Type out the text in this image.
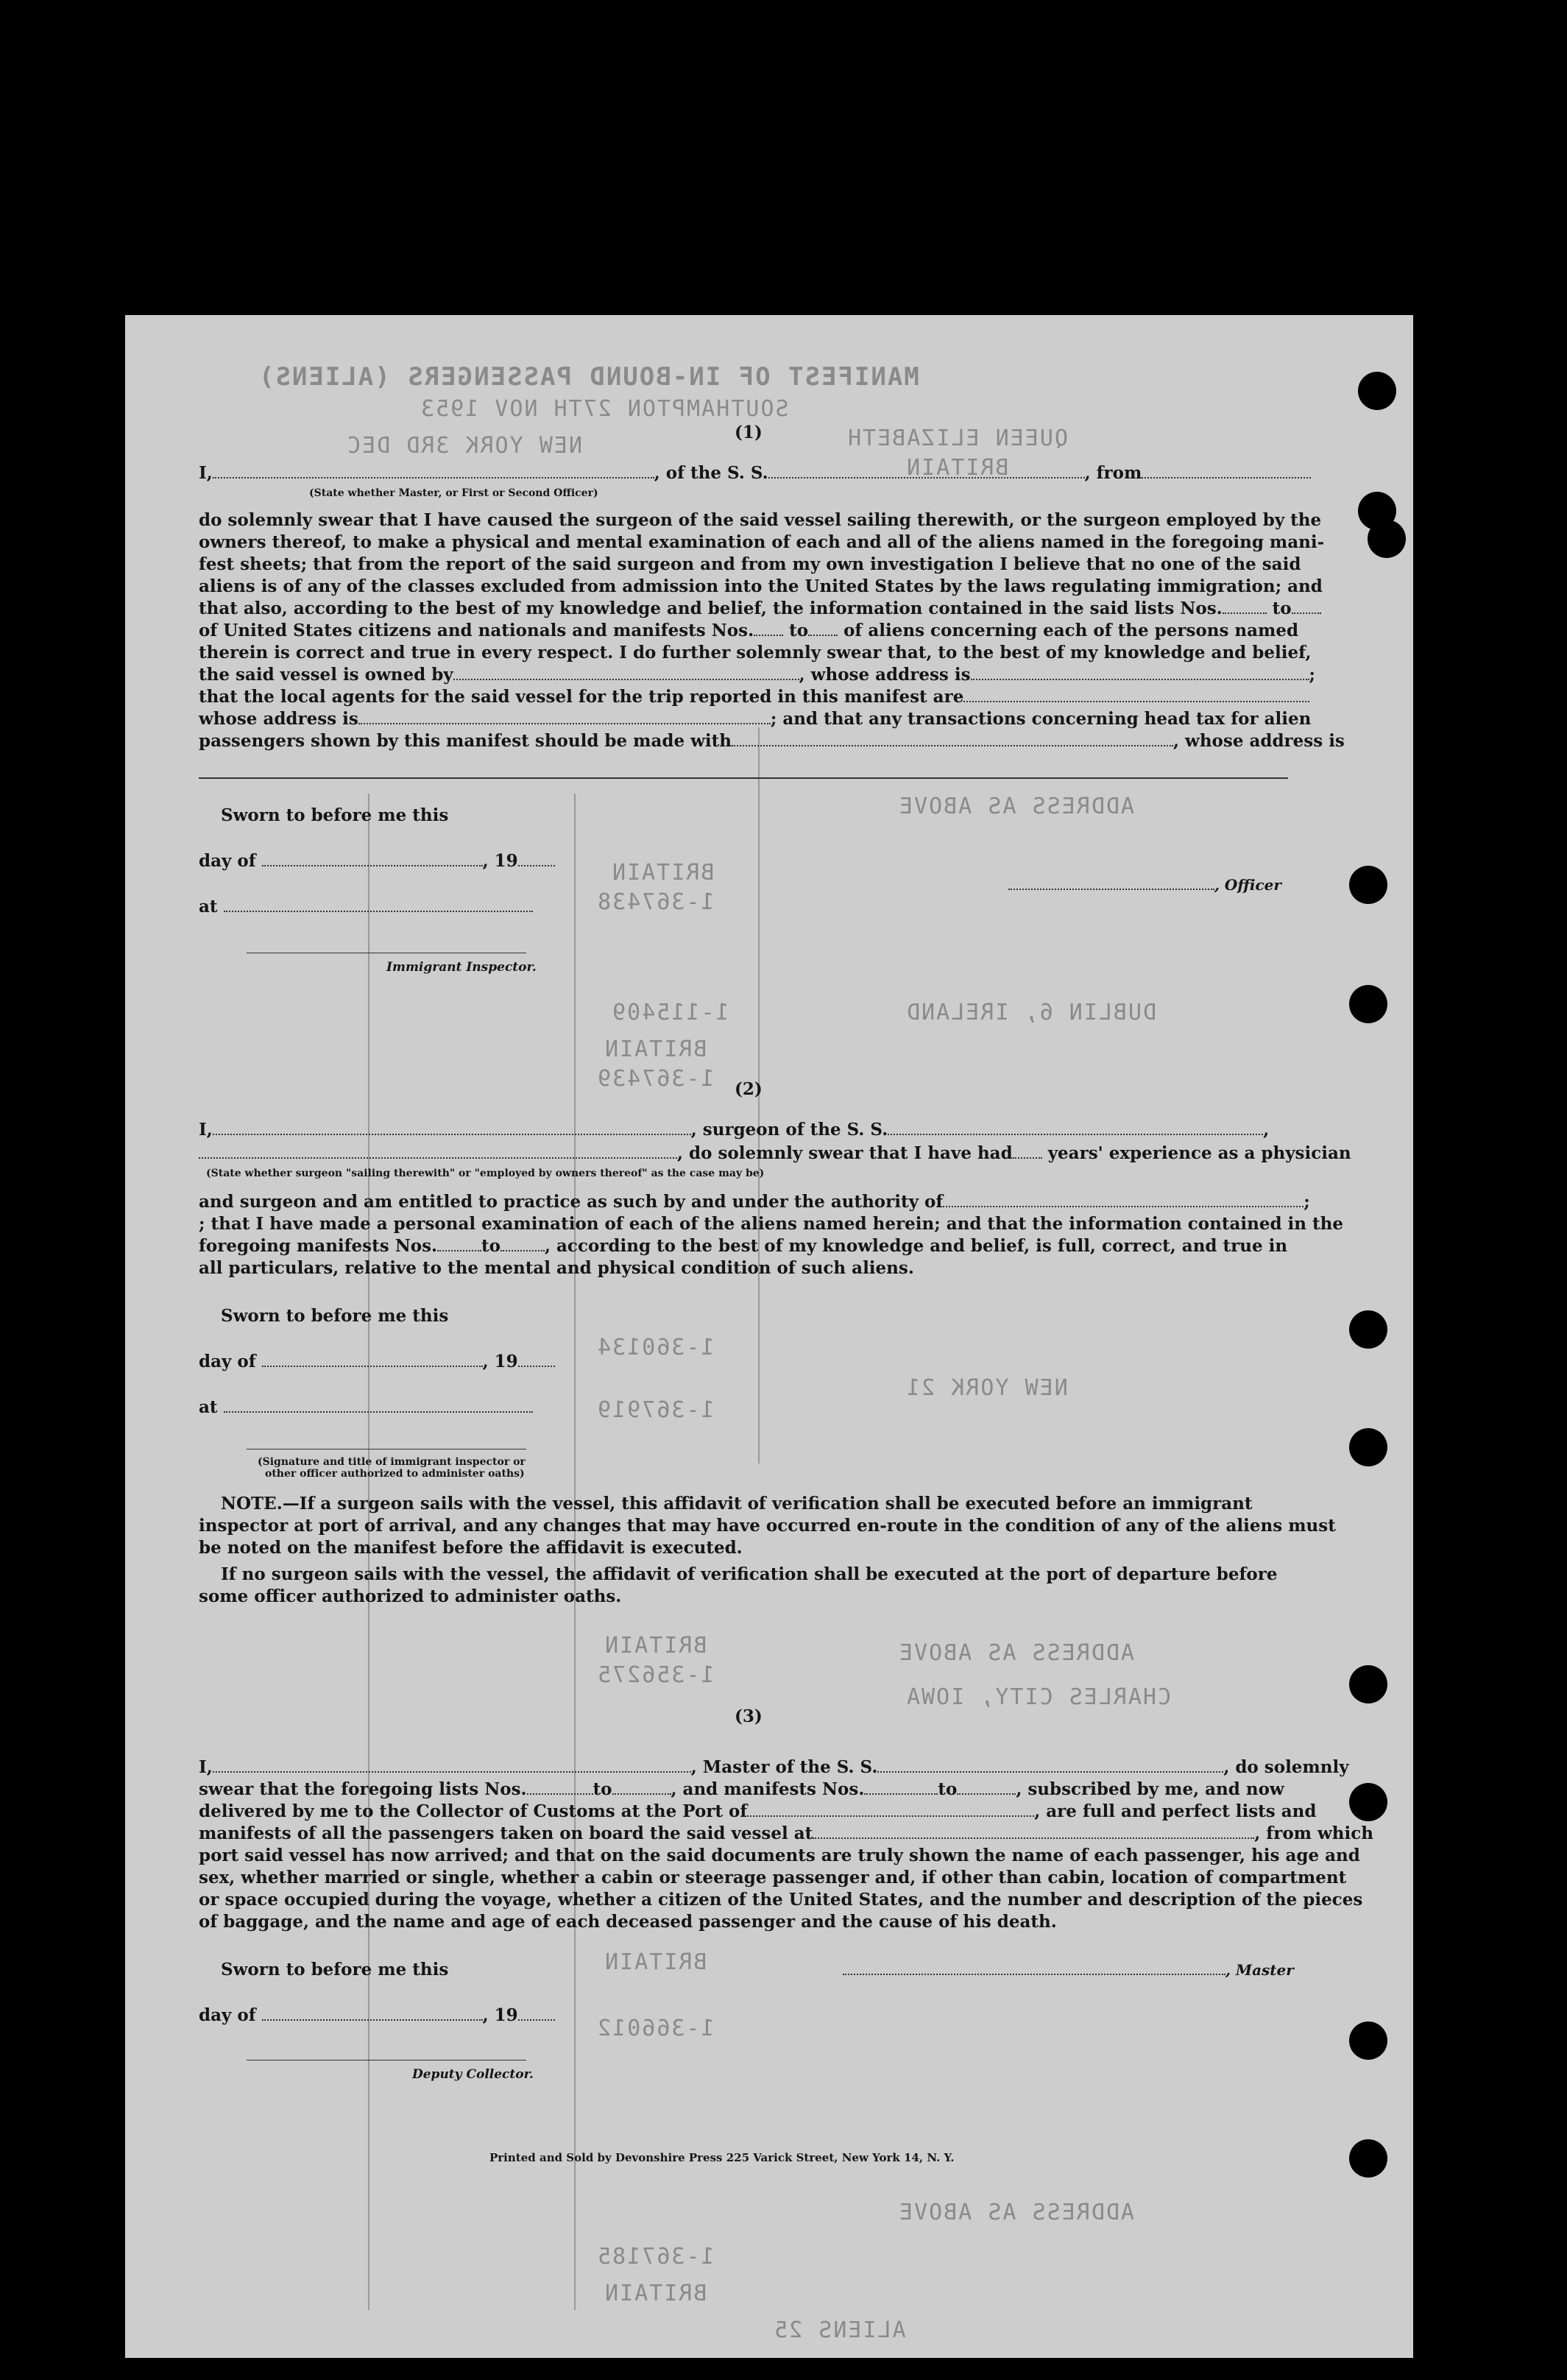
MANIFEST OF IN-BOUND PASSENGERS (ALIENS)
SOUTHAMPTON 27TH NOV 1953
NEW YORK 3RD DEC	QUEEN ELIZABETH
BRITAIN
ADDRESS AS ABOVE
1-367438
BRITAIN
1-115409	DUBLIN 6, IRELAND
BRITAIN
1-367439
1-360134
NEW YORK 21
1-367919
BRITAIN	ADDRESS AS ABOVE
1-356275
CHARLES CITY, IOWA
BRITAIN
1-366012
ADDRESS AS ABOVE
1-367185
BRITAIN
ALIENS 25
(1)
I,	, of the S. S.	, from
(State whether Master, or First or Second Officer)
do solemnly swear that I have caused the surgeon of the said vessel sailing therewith, or the surgeon employed by the
owners thereof, to make a physical and mental examination of each and all of the aliens named in the foregoing mani-
fest sheets; that from the report of the said surgeon and from my own investigation I believe that no one of the said
aliens is of any of the classes excluded from admission into the United States by the laws regulating immigration; and
that also, according to the best of my knowledge and belief, the information contained in the said lists Nos.	to
of United States citizens and nationals and manifests Nos. to of aliens concerning each of the persons named
therein is correct and true in every respect. I do further solemnly swear that, to the best of my knowledge and belief,
the said vessel is owned by	, whose address is	;
that the local agents for the said vessel for the trip reported in this manifest are
whose address is	; and that any transactions concerning head tax for alien
passengers shown by this manifest should be made with	, whose address is
Sworn to before me this
day of	, 19
at
, Officer
Immigrant Inspector.
(2)
I,	, surgeon of the S. S.	,
, do solemnly swear that I have had years' experience as a physician
(State whether surgeon "sailing therewith" or "employed by owners thereof" as the case may be)
and surgeon and am entitled to practice as such by and under the authority of	;
; that I have made a personal examination of each of the aliens named herein; and that the information contained in the
foregoing manifests Nos.	to	, according to the best of my knowledge and belief, is full, correct, and true in
all particulars, relative to the mental and physical condition of such aliens.
Sworn to before me this
day of	, 19
at
(Signature and title of immigrant inspector or
other officer authorized to administer oaths)
NOTE.—If a surgeon sails with the vessel, this affidavit of verification shall be executed before an immigrant
inspector at port of arrival, and any changes that may have occurred en-route in the condition of any of the aliens must
be noted on the manifest before the affidavit is executed.
If no surgeon sails with the vessel, the affidavit of verification shall be executed at the port of departure before
some officer authorized to administer oaths.
(3)
I,	, Master of the S. S.	, do solemnly
swear that the foregoing lists Nos.	to	, and manifests Nos.	to	, subscribed by me, and now
delivered by me to the Collector of Customs at the Port of	, are full and perfect lists and
manifests of all the passengers taken on board the said vessel at	, from which
port said vessel has now arrived; and that on the said documents are truly shown the name of each passenger, his age and
sex, whether married or single, whether a cabin or steerage passenger and, if other than cabin, location of compartment
or space occupied during the voyage, whether a citizen of the United States, and the number and description of the pieces
of baggage, and the name and age of each deceased passenger and the cause of his death.
Sworn to before me this
day of	, 19
, Master
Deputy Collector.
Printed and Sold by Devonshire Press 225 Varick Street, New York 14, N. Y.
